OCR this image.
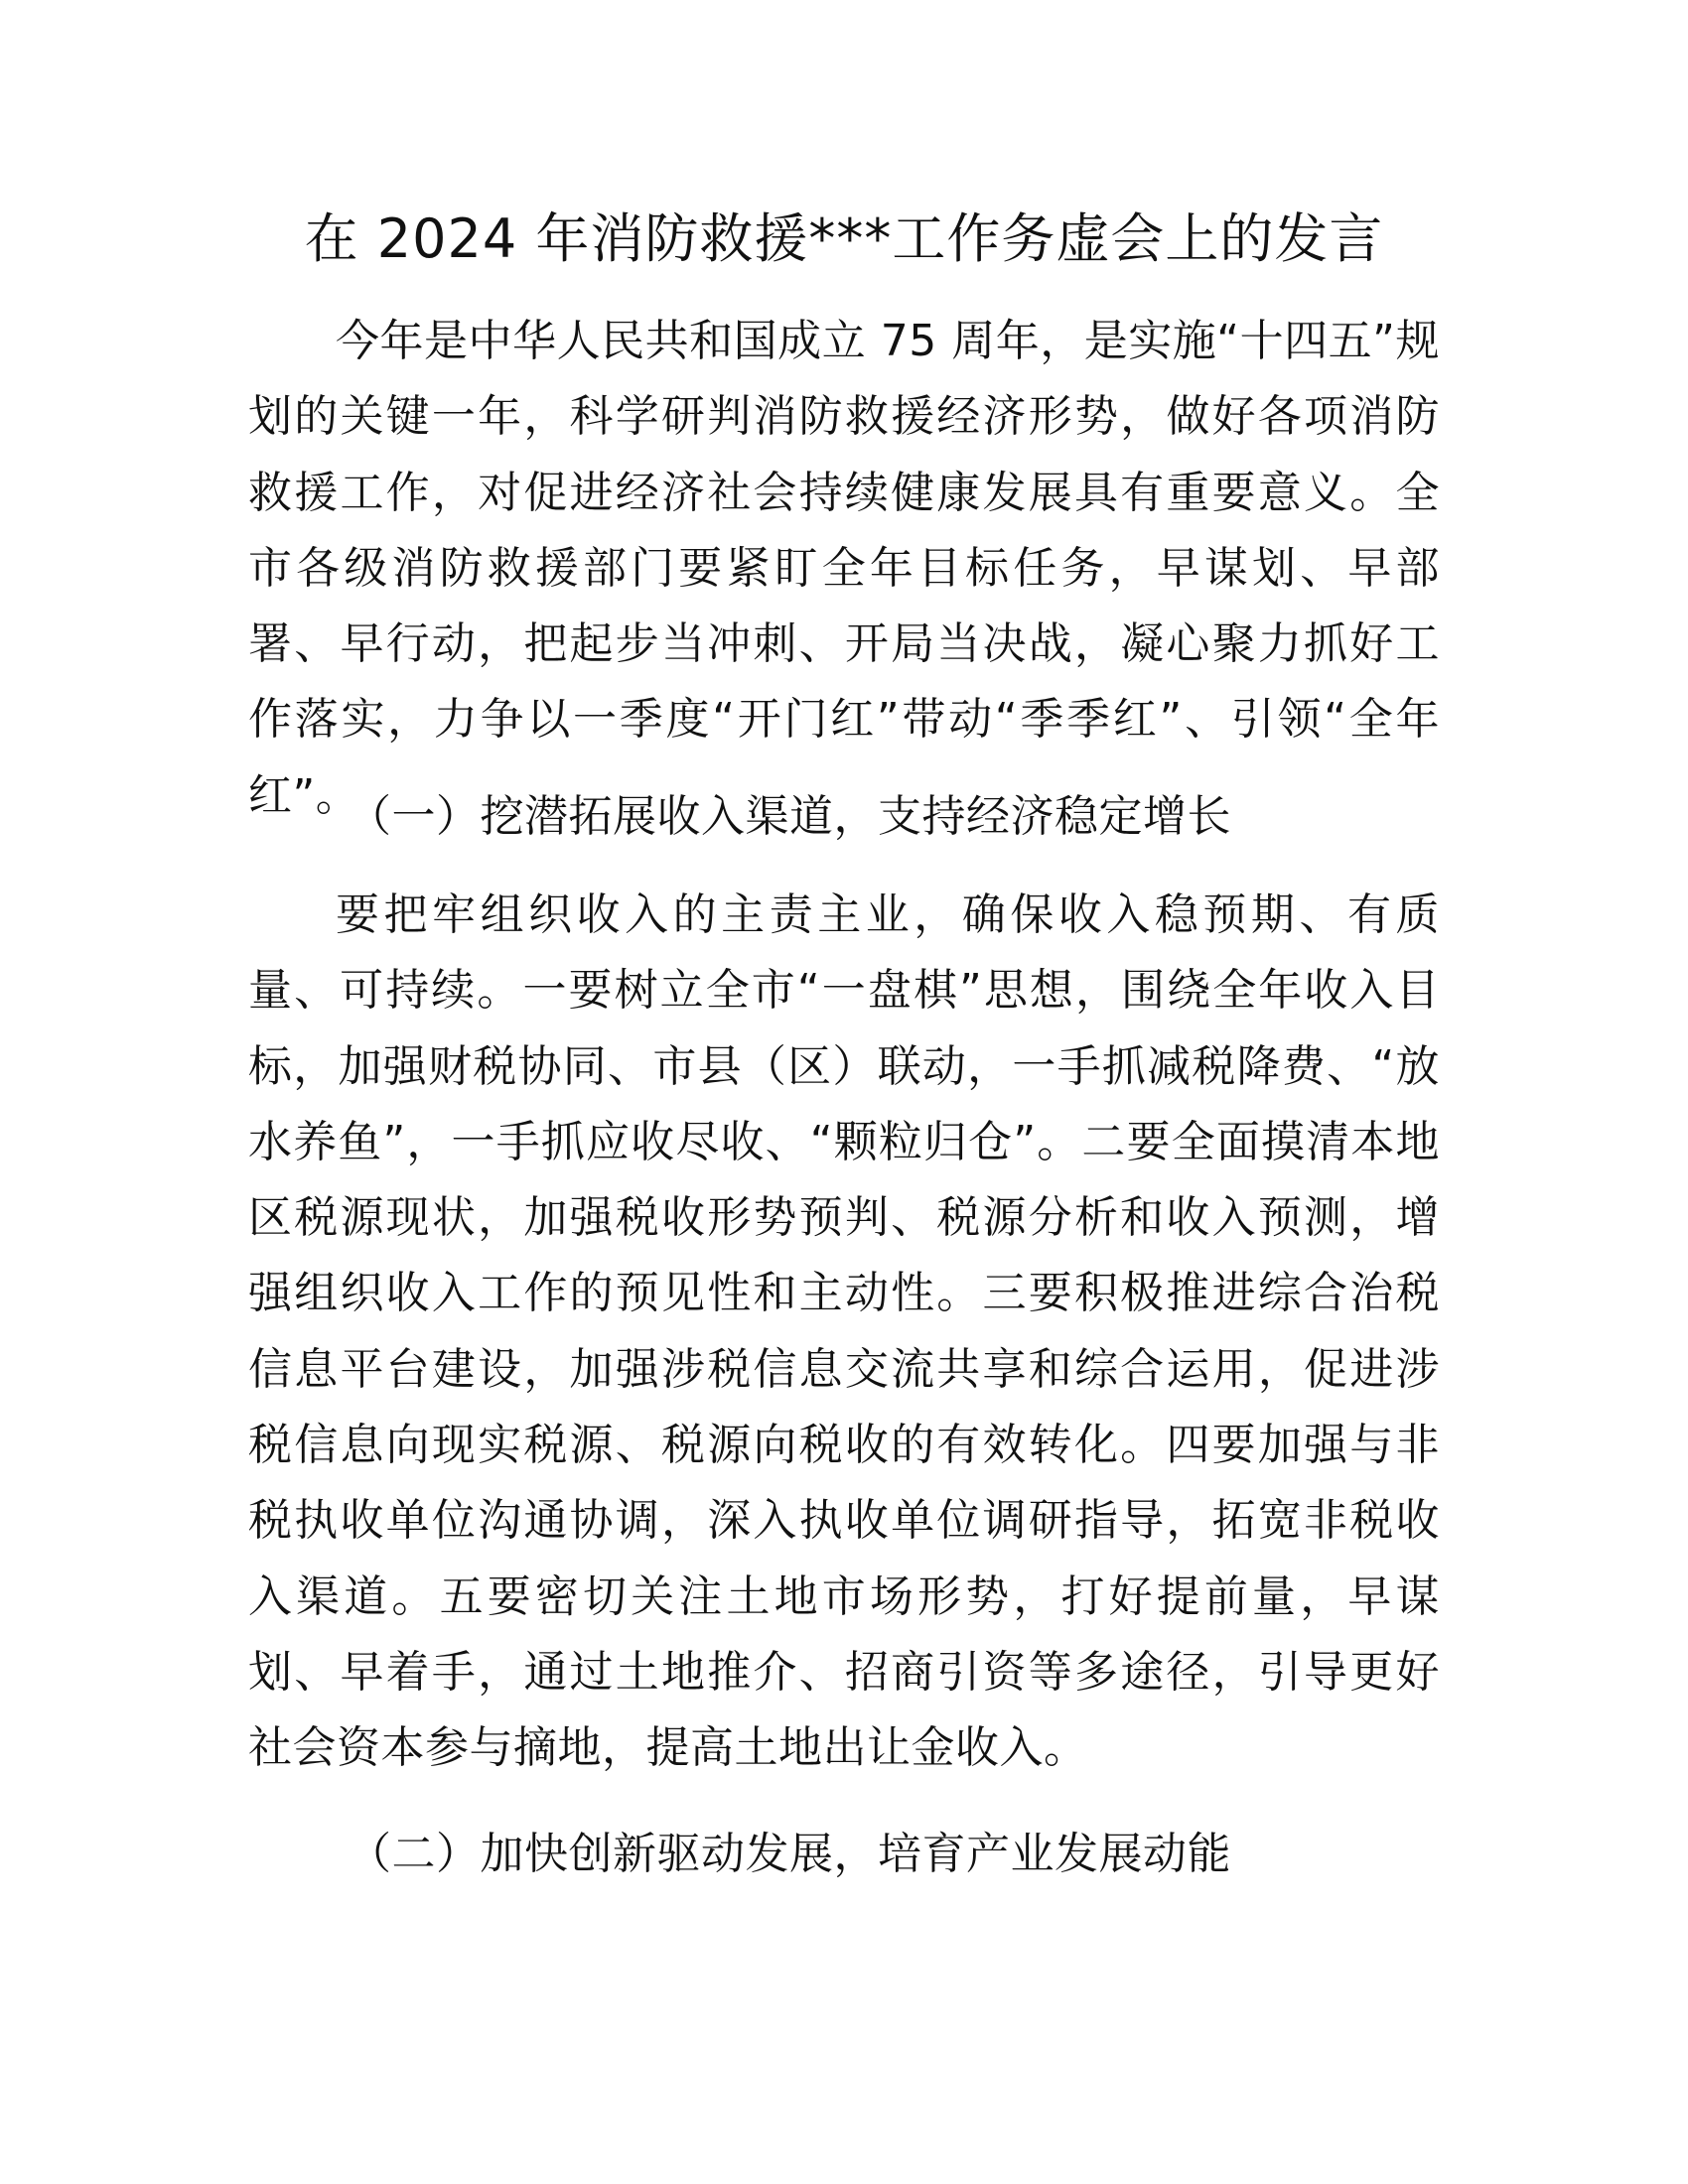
在 2024 年消防救援***工作务虚会上的发言

今年是中华人民共和国成立 75 周年，是实施“十四五”规划的关键一年，科学研判消防救援经济形势，做好各项消防救援工作，对促进经济社会持续健康发展具有重要意义。全市各级消防救援部门要紧盯全年目标任务，早谋划、早部署、早行动，把起步当冲刺、开局当决战，凝心聚力抓好工作落实，力争以一季度“开门红”带动“季季红”、引领“全年红”。

（一）挖潜拓展收入渠道，支持经济稳定增长

要把牢组织收入的主责主业，确保收入稳预期、有质量、可持续。一要树立全市“一盘棋”思想，围绕全年收入目标，加强财税协同、市县（区）联动，一手抓减税降费、“放水养鱼”，一手抓应收尽收、“颗粒归仓”。二要全面摸清本地区税源现状，加强税收形势预判、税源分析和收入预测，增强组织收入工作的预见性和主动性。三要积极推进综合治税信息平台建设，加强涉税信息交流共享和综合运用，促进涉税信息向现实税源、税源向税收的有效转化。四要加强与非税执收单位沟通协调，深入执收单位调研指导，拓宽非税收入渠道。五要密切关注土地市场形势，打好提前量，早谋划、早着手，通过土地推介、招商引资等多途径，引导更好社会资本参与摘地，提高土地出让金收入。

（二）加快创新驱动发展，培育产业发展动能
